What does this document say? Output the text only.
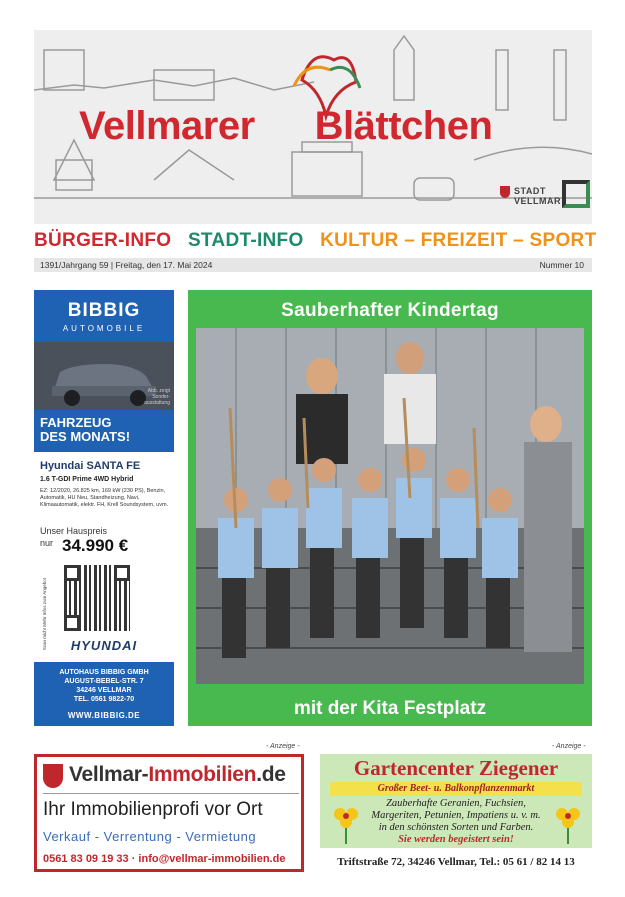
Vellmarer Blättchen
STADT
VELLMAR
BÜRGER-INFO STADT-INFO KULTUR – FREIZEIT – SPORT
1391/Jahrgang 59 | Freitag, den 17. Mai 2024	Nummer 10
BIBBIG
AUTOMOBILE
Abb. zeigt Sonder-ausstattung
FAHRZEUG
DES MONATS!
Hyundai SANTA FE
1.6 T-GDI Prime 4WD Hybrid
EZ: 12/2020, 26.825 km, 169 kW (230 PS), Benzin, Automatik, HU Neu, Standheizung, Navi, Klimaautomatik, elektr. FH, Krell Soundsystem, uvm.
Unser Hauspreis
nur 34.990 €
Scan mich! Mehr Infos zum Angebot	HYUNDAI
AUTOHAUS BIBBIG GMBH
AUGUST-BEBEL-STR. 7
34246 VELLMAR
TEL. 0561 9822-70
WWW.BIBBIG.DE
Sauberhafter Kindertag
mit der Kita Festplatz
- Anzeige -	- Anzeige -
Vellmar-Immobilien.de
Ihr Immobilienprofi vor Ort
Verkauf - Verrentung - Vermietung
0561 83 09 19 33 · info@vellmar-immobilien.de
Gartencenter Ziegener
Großer Beet- u. Balkonpflanzenmarkt
Zauberhafte Geranien, Fuchsien,
Margeriten, Petunien, Impatiens u. v. m.
in den schönsten Sorten und Farben.
Sie werden begeistert sein!
Triftstraße 72, 34246 Vellmar, Tel.: 05 61 / 82 14 13
